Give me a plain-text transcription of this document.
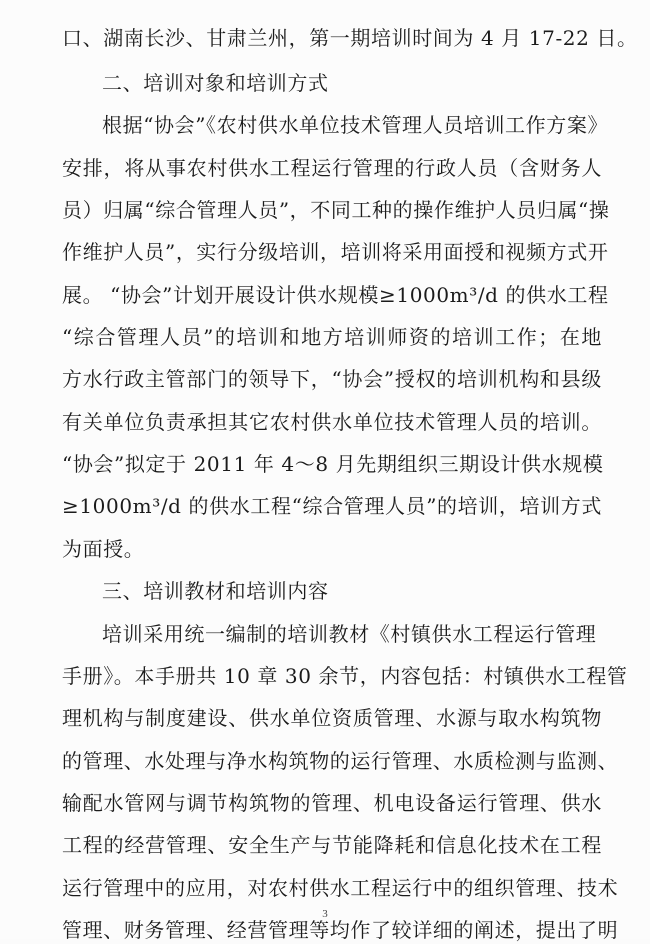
口、湖南长沙、甘肃兰州，第一期培训时间为 4 月 17-22 日。
二、培训对象和培训方式
根据“协会”《农村供水单位技术管理人员培训工作方案》
安排，将从事农村供水工程运行管理的行政人员（含财务人
员）归属“综合管理人员”，不同工种的操作维护人员归属“操
作维护人员”，实行分级培训，培训将采用面授和视频方式开
展。 “协会”计划开展设计供水规模≥1000m³/d 的供水工程
“综合管理人员”的培训和地方培训师资的培训工作；在地
方水行政主管部门的领导下，“协会”授权的培训机构和县级
有关单位负责承担其它农村供水单位技术管理人员的培训。
“协会”拟定于 2011 年 4～8 月先期组织三期设计供水规模
≥1000m³/d 的供水工程“综合管理人员”的培训，培训方式
为面授。
三、培训教材和培训内容
培训采用统一编制的培训教材《村镇供水工程运行管理
手册》。本手册共 10 章 30 余节，内容包括：村镇供水工程管
理机构与制度建设、供水单位资质管理、水源与取水构筑物
的管理、水处理与净水构筑物的运行管理、水质检测与监测、
输配水管网与调节构筑物的管理、机电设备运行管理、供水
工程的经营管理、安全生产与节能降耗和信息化技术在工程
运行管理中的应用，对农村供水工程运行中的组织管理、技术
管理、财务管理、经营管理等均作了较详细的阐述，提出了明
3
